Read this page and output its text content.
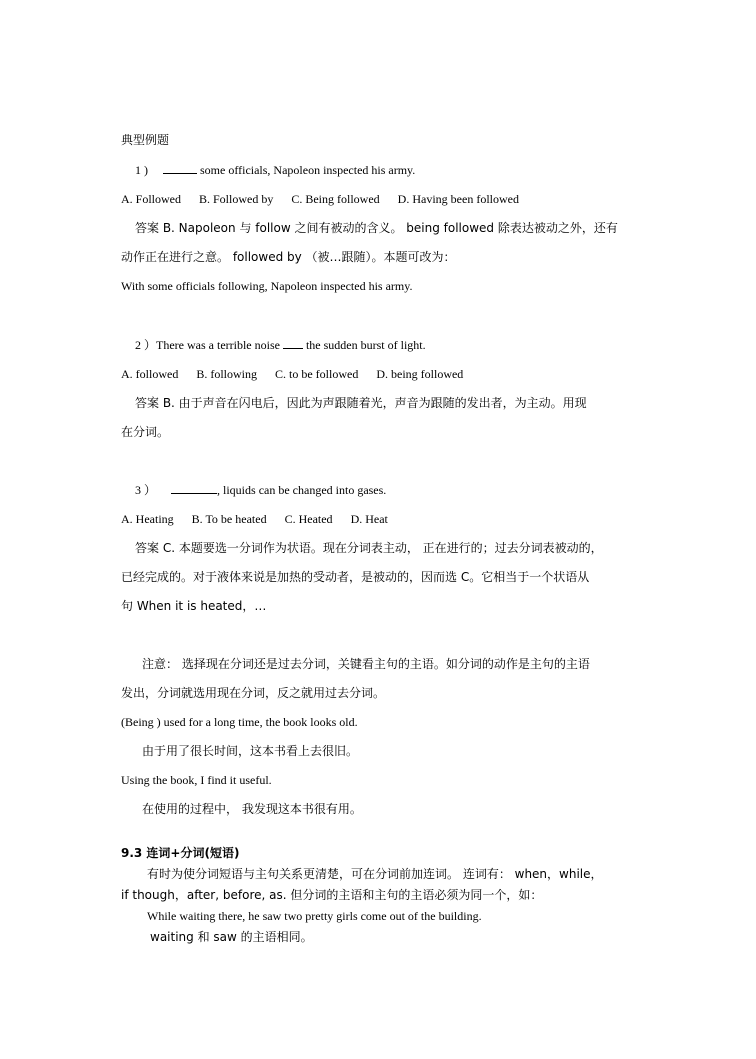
典型例题
1 )	some officials, Napoleon inspected his army.
A. Followed B. Followed by C. Being followed D. Having been followed
答案 B. Napoleon 与 follow 之间有被动的含义。 being followed 除表达被动之外，还有
动作正在进行之意。 followed by （被…跟随）。本题可改为：
With some officials following, Napoleon inspected his army.
2 ）There was a terrible noise the sudden burst of light.
A. followed B. following C. to be followed D. being followed
答案 B. 由于声音在闪电后，因此为声跟随着光，声音为跟随的发出者，为主动。用现
在分词。
3 ）	, liquids can be changed into gases.
A. Heating B. To be heated C. Heated D. Heat
答案 C. 本题要选一分词作为状语。现在分词表主动， 正在进行的；过去分词表被动的，
已经完成的。对于液体来说是加热的受动者，是被动的，因而选 C。它相当于一个状语从
句 When it is heated，…
注意： 选择现在分词还是过去分词，关键看主句的主语。如分词的动作是主句的主语
发出，分词就选用现在分词，反之就用过去分词。
(Being ) used for a long time, the book looks old.
由于用了很长时间，这本书看上去很旧。
Using the book, I find it useful.
在使用的过程中， 我发现这本书很有用。
9.3 连词+分词(短语)
有时为使分词短语与主句关系更清楚，可在分词前加连词。 连词有： when，while，
if though，after, before, as. 但分词的主语和主句的主语必须为同一个，如：
While waiting there, he saw two pretty girls come out of the building.
waiting 和 saw 的主语相同。
